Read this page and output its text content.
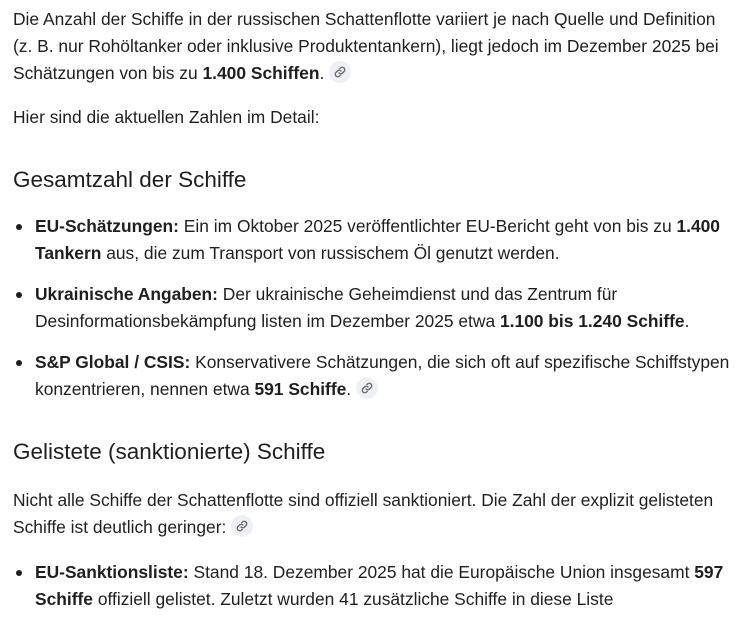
Die Anzahl der Schiffe in der russischen Schattenflotte variiert je nach Quelle und Definition (z. B. nur Rohöltanker oder inklusive Produktentankern), liegt jedoch im Dezember 2025 bei Schätzungen von bis zu 1.400 Schiffen.

Hier sind die aktuellen Zahlen im Detail:

Gesamtzahl der Schiffe
EU-Schätzungen: Ein im Oktober 2025 veröffentlichter EU-Bericht geht von bis zu 1.400 Tankern aus, die zum Transport von russischem Öl genutzt werden.
Ukrainische Angaben: Der ukrainische Geheimdienst und das Zentrum für Desinformationsbekämpfung listen im Dezember 2025 etwa 1.100 bis 1.240 Schiffe.
S&P Global / CSIS: Konservativere Schätzungen, die sich oft auf spezifische Schiffstypen konzentrieren, nennen etwa 591 Schiffe.
Gelistete (sanktionierte) Schiffe

Nicht alle Schiffe der Schattenflotte sind offiziell sanktioniert. Die Zahl der explizit gelisteten Schiffe ist deutlich geringer:

EU-Sanktionsliste: Stand 18. Dezember 2025 hat die Europäische Union insgesamt 597 Schiffe offiziell gelistet. Zuletzt wurden 41 zusätzliche Schiffe in diese Liste
